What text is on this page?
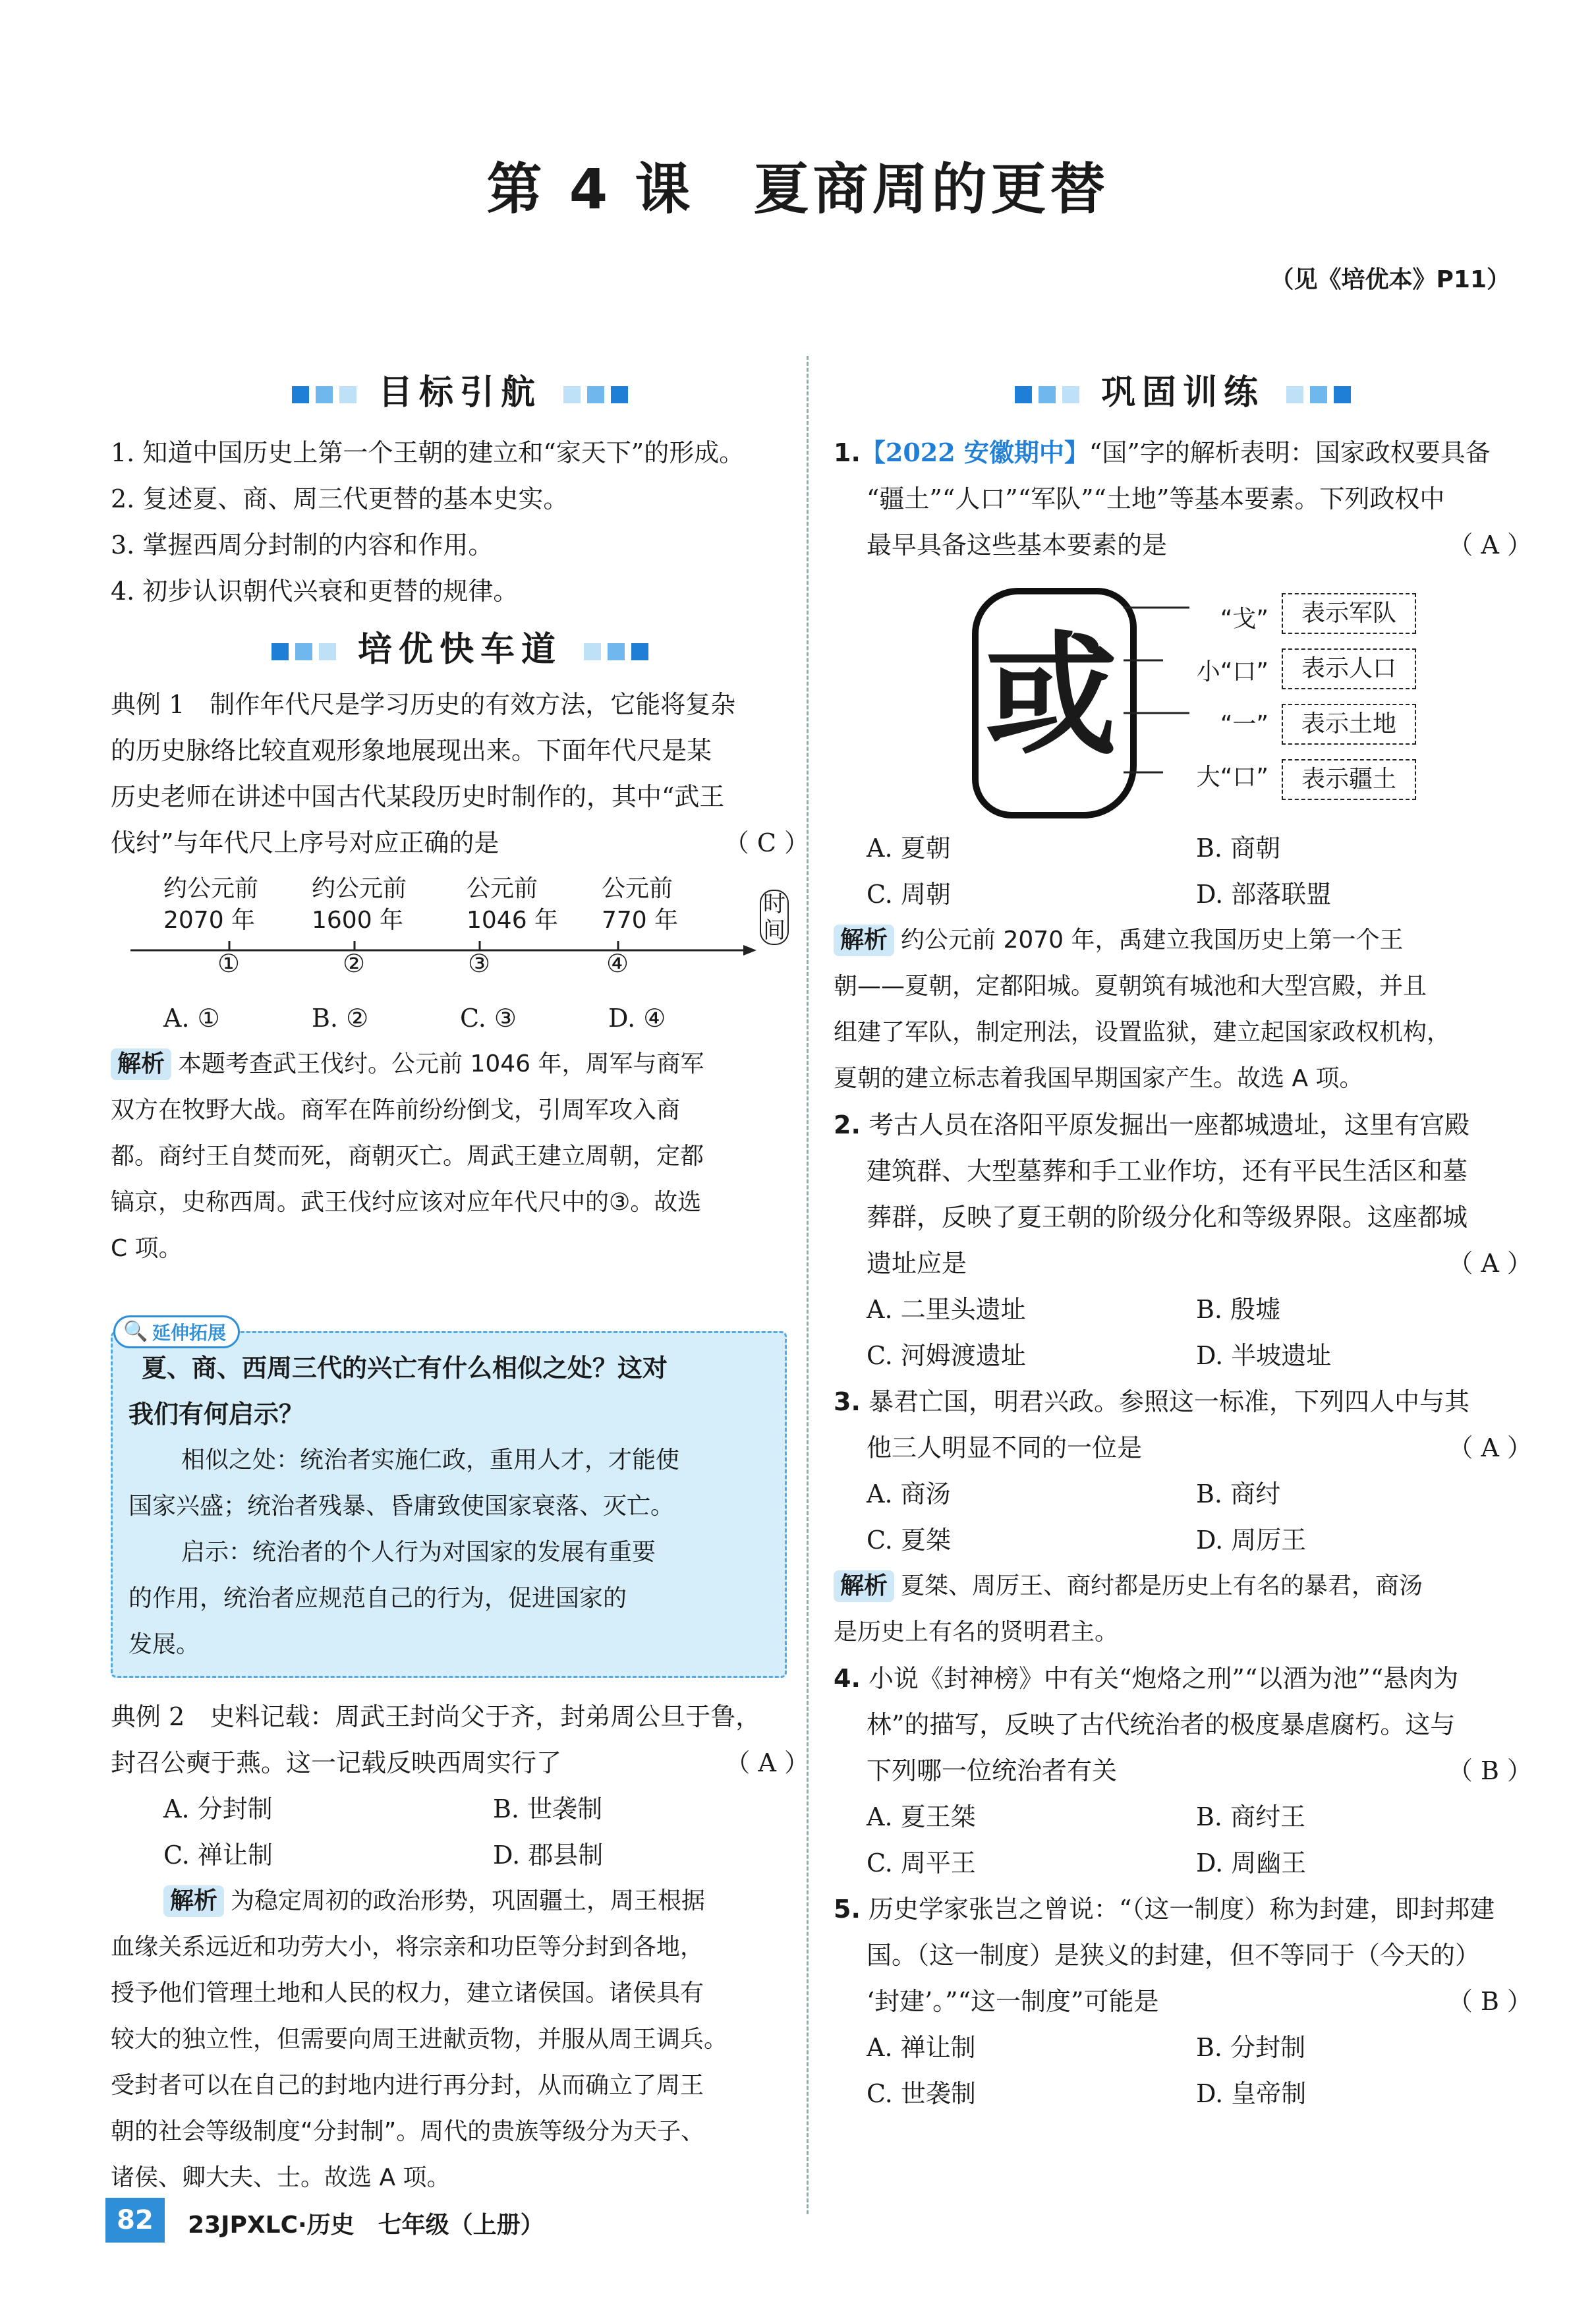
第 4 课　夏商周的更替
（见《培优本》P11）
目标引航
1. 知道中国历史上第一个王朝的建立和“家天下”的形成。
2. 复述夏、商、周三代更替的基本史实。
3. 掌握西周分封制的内容和作用。
4. 初步认识朝代兴衰和更替的规律。
培优快车道
典例 1　制作年代尺是学习历史的有效方法，它能将复杂
的历史脉络比较直观形象地展现出来。下面年代尺是某
历史老师在讲述中国古代某段历史时制作的，其中“武王
伐纣”与年代尺上序号对应正确的是	（ C ）
约公元前 约公元前	公元前	公元前
2070 年 1600 年	1046 年 770 年
①	②	③	④
时间
A. ①	B. ②	C. ③	D. ④
解析 本题考查武王伐纣。公元前 1046 年，周军与商军
双方在牧野大战。商军在阵前纷纷倒戈，引周军攻入商
都。商纣王自焚而死，商朝灭亡。周武王建立周朝，定都
镐京，史称西周。武王伐纣应该对应年代尺中的③。故选
C 项。
夏、商、西周三代的兴亡有什么相似之处？这对
我们有何启示？
相似之处：统治者实施仁政，重用人才，才能使
国家兴盛；统治者残暴、昏庸致使国家衰落、灭亡。
启示：统治者的个人行为对国家的发展有重要
的作用，统治者应规范自己的行为，促进国家的
发展。
🔍 延伸拓展
典例 2　史料记载：周武王封尚父于齐，封弟周公旦于鲁，
封召公奭于燕。这一记载反映西周实行了	（ A ）
A. 分封制	B. 世袭制
C. 禅让制	D. 郡县制
解析 为稳定周初的政治形势，巩固疆土，周王根据
血缘关系远近和功劳大小，将宗亲和功臣等分封到各地，
授予他们管理土地和人民的权力，建立诸侯国。诸侯具有
较大的独立性，但需要向周王进献贡物，并服从周王调兵。
受封者可以在自己的封地内进行再分封，从而确立了周王
朝的社会等级制度“分封制”。周代的贵族等级分为天子、
诸侯、卿大夫、士。故选 A 项。
巩固训练
1.【2022 安徽期中】“国”字的解析表明：国家政权要具备
“疆土”“人口”“军队”“土地”等基本要素。下列政权中
最早具备这些基本要素的是	（ A ）
或
“戈”
小“口”
“一”
大“口”
表示军队
表示人口
表示土地
表示疆土
A. 夏朝	B. 商朝
C. 周朝	D. 部落联盟
解析 约公元前 2070 年，禹建立我国历史上第一个王
朝——夏朝，定都阳城。夏朝筑有城池和大型宫殿，并且
组建了军队，制定刑法，设置监狱，建立起国家政权机构，
夏朝的建立标志着我国早期国家产生。故选 A 项。
2. 考古人员在洛阳平原发掘出一座都城遗址，这里有宫殿
建筑群、大型墓葬和手工业作坊，还有平民生活区和墓
葬群，反映了夏王朝的阶级分化和等级界限。这座都城
遗址应是	（ A ）
A. 二里头遗址	B. 殷墟
C. 河姆渡遗址	D. 半坡遗址
3. 暴君亡国，明君兴政。参照这一标准，下列四人中与其
他三人明显不同的一位是	（ A ）
A. 商汤	B. 商纣
C. 夏桀	D. 周厉王
解析 夏桀、周厉王、商纣都是历史上有名的暴君，商汤
是历史上有名的贤明君主。
4. 小说《封神榜》中有关“炮烙之刑”“以酒为池”“悬肉为
林”的描写，反映了古代统治者的极度暴虐腐朽。这与
下列哪一位统治者有关	（ B ）
A. 夏王桀	B. 商纣王
C. 周平王	D. 周幽王
5. 历史学家张岂之曾说：“（这一制度）称为封建，即封邦建
国。（这一制度）是狭义的封建，但不等同于（今天的）
‘封建’。”“这一制度”可能是	（ B ）
A. 禅让制	B. 分封制
C. 世袭制	D. 皇帝制
82	23JPXLC·历史　七年级（上册）
